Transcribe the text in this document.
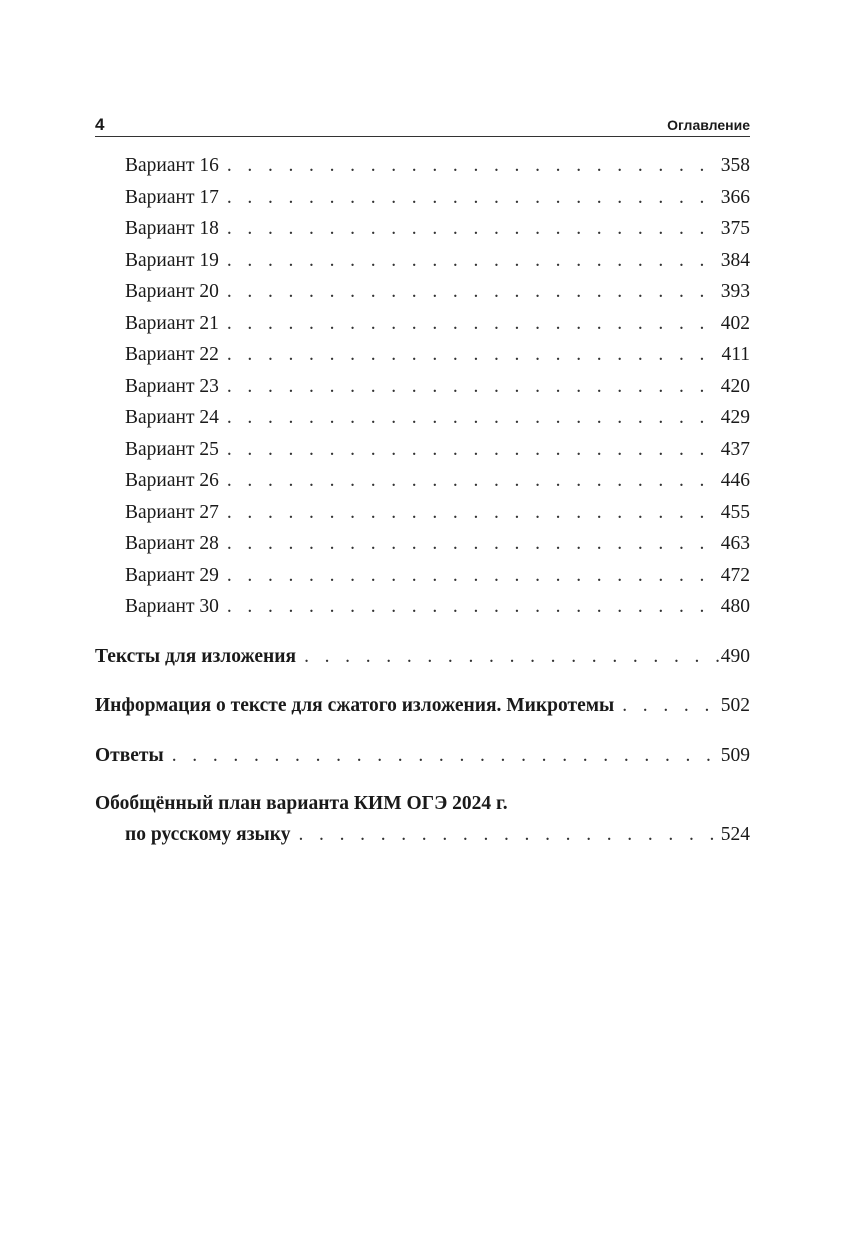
4	Оглавление
Вариант 16 . . .	358
Вариант 17 . . .	366
Вариант 18 . . .	375
Вариант 19 . . .	384
Вариант 20 . . .	393
Вариант 21 . . .	402
Вариант 22 . . .	411
Вариант 23 . . .	420
Вариант 24 . . .	429
Вариант 25 . . .	437
Вариант 26 . . .	446
Вариант 27 . . .	455
Вариант 28 . . .	463
Вариант 29 . . .	472
Вариант 30 . . .	480
Тексты для изложения . . .	490
Информация о тексте для сжатого изложения. Микротемы . . .	502
Ответы . . .	509
Обобщённый план варианта КИМ ОГЭ 2024 г.
по русскому языку . . .	524
